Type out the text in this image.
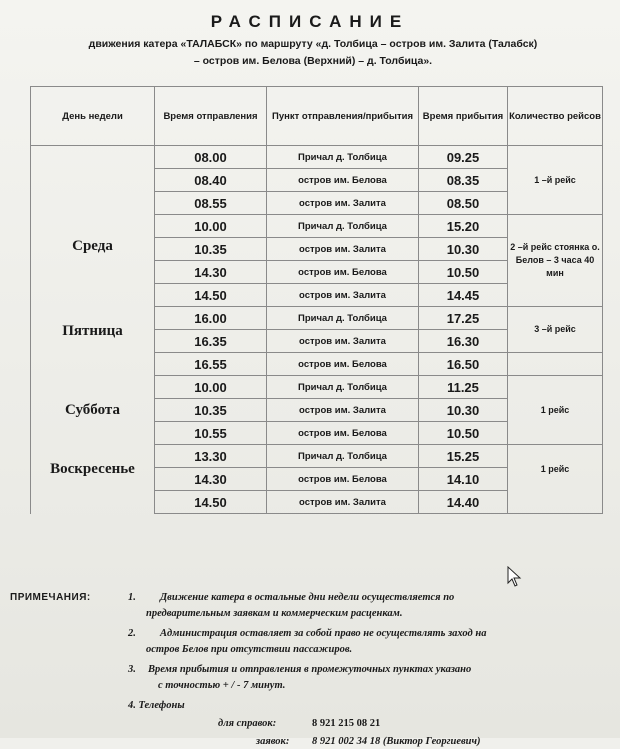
РАСПИСАНИЕ
движения катера «ТАЛАБСК» по маршруту «д. Толбица – остров им. Залита (Талабск)
– остров им. Белова (Верхний) – д. Толбица».
День недели	Время отправления	Пункт отправления/прибытия	Время прибытия	Количество рейсов
Среда	08.00	Причал д. Толбица	09.25	1 –й рейс
	08.40	остров им. Белова	08.35	
	08.55	остров им. Залита	08.50	
	10.00	Причал д. Толбица	15.20	2 –й рейс стоянка о. Белов – 3 часа 40 мин
	10.35	остров им. Залита	10.30	
	14.30	остров им. Белова	10.50	
	14.50	остров им. Залита	14.45	
Пятница	16.00	Причал д. Толбица	17.25	3 –й рейс
	16.35	остров им. Залита	16.30	
	16.55	остров им. Белова	16.50	
Суббота	10.00	Причал д. Толбица	11.25	1 рейс
	10.35	остров им. Залита	10.30	
	10.55	остров им. Белова	10.50	
Воскресенье	13.30	Причал д. Толбица	15.25	1 рейс
	14.30	остров им. Белова	14.10	
	14.50	остров им. Залита	14.40	
ПРИМЕЧАНИЯ:	1. Движение катера в остальные дни недели осуществляется по
предварительным заявкам и коммерческим расценкам.
2. Администрация оставляет за собой право не осуществлять заход на
остров Белов при отсутствии пассажиров.
3. Время прибытия и отправления в промежуточных пунктах указано
с точностью + / - 7 минут.
4. Телефоны
для справок:	8 921 215 08 21
заявок: 8 921 002 34 18 (Виктор Георгиевич)
